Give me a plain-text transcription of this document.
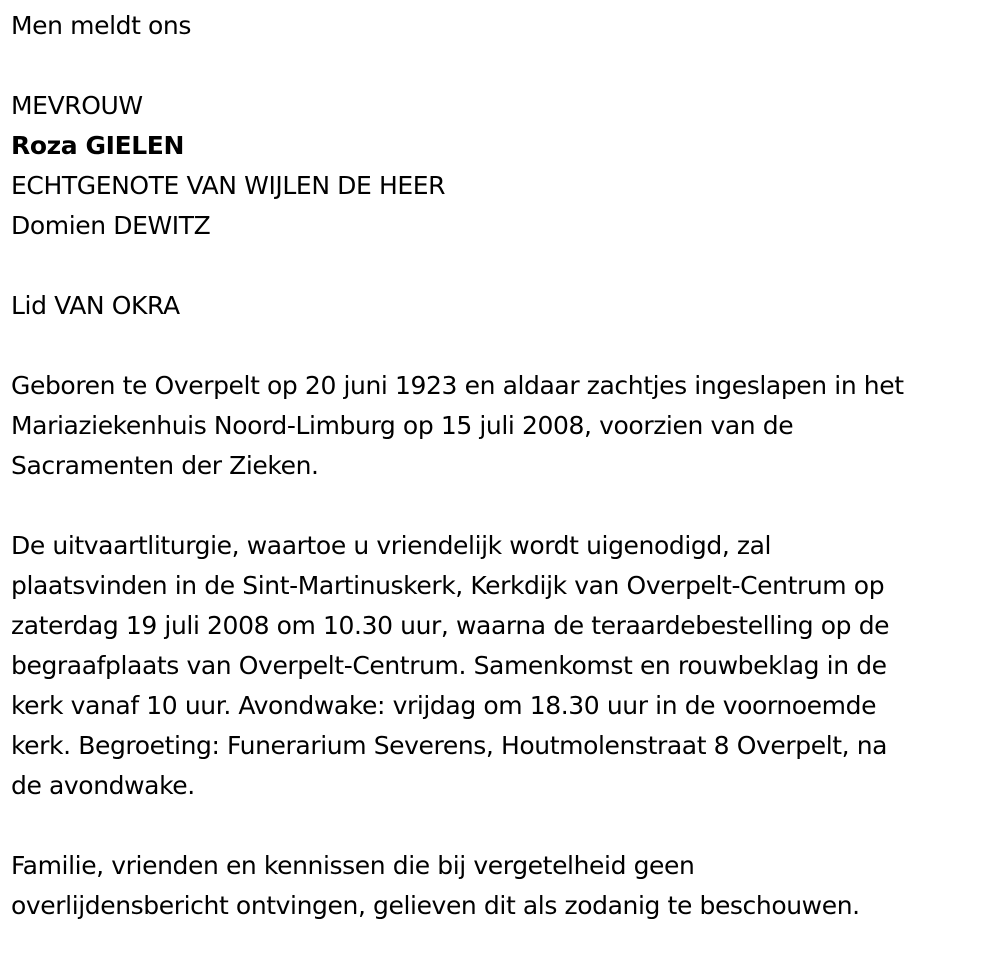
Men meldt ons
MEVROUW
Roza GIELEN
ECHTGENOTE VAN WIJLEN DE HEER
Domien DEWITZ
Lid VAN OKRA
Geboren te Overpelt op 20 juni 1923 en aldaar zachtjes ingeslapen in het
Mariaziekenhuis Noord-Limburg op 15 juli 2008, voorzien van de
Sacramenten der Zieken.
De uitvaartliturgie, waartoe u vriendelijk wordt uigenodigd, zal
plaatsvinden in de Sint-Martinuskerk, Kerkdijk van Overpelt-Centrum op
zaterdag 19 juli 2008 om 10.30 uur, waarna de teraardebestelling op de
begraafplaats van Overpelt-Centrum. Samenkomst en rouwbeklag in de
kerk vanaf 10 uur. Avondwake: vrijdag om 18.30 uur in de voornoemde
kerk. Begroeting: Funerarium Severens, Houtmolenstraat 8 Overpelt, na
de avondwake.
Familie, vrienden en kennissen die bij vergetelheid geen
overlijdensbericht ontvingen, gelieven dit als zodanig te beschouwen.
